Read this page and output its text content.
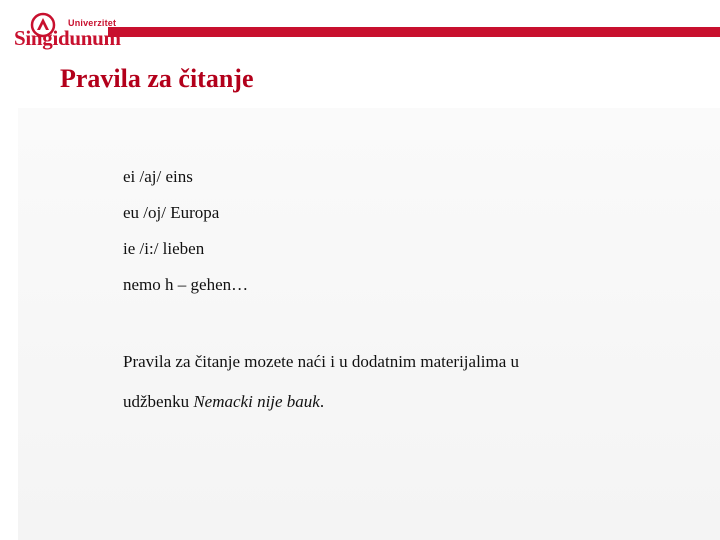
Univerzitet
Singidunum
Pravila za čitanje
ei /aj/ eins
eu /oj/ Europa
ie /i:/ lieben
nemo h – gehen…
Pravila za čitanje mozete naći i u dodatnim materijalima u
udžbenku Nemacki nije bauk.
